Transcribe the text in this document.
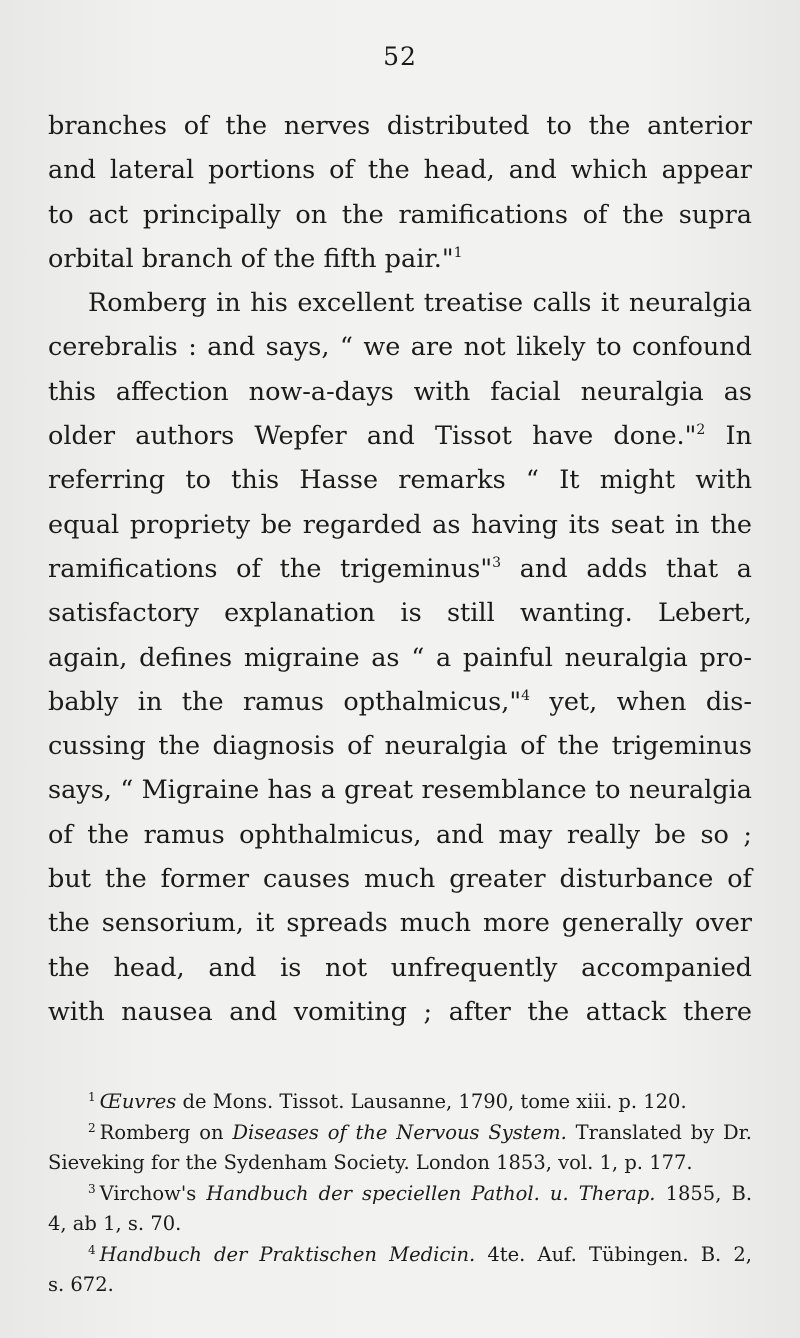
52
branches of the nerves distributed to the anterior
and lateral portions of the head, and which appear
to act principally on the ramifications of the supra
orbital branch of the fifth pair."$^1$
Romberg in his excellent treatise calls it neuralgia
cerebralis : and says, “ we are not likely to confound
this affection now-a-days with facial neuralgia as
older authors Wepfer and Tissot have done."$^2$ In
referring to this Hasse remarks “ It might with
equal propriety be regarded as having its seat in the
ramifications of the trigeminus"$^3$ and adds that a
satisfactory explanation is still wanting. Lebert,
again, defines migraine as “ a painful neuralgia pro-
bably in the ramus opthalmicus,"$^4$ yet, when dis-
cussing the diagnosis of neuralgia of the trigeminus
says, “ Migraine has a great resemblance to neuralgia
of the ramus ophthalmicus, and may really be so ;
but the former causes much greater disturbance of
the sensorium, it spreads much more generally over
the head, and is not unfrequently accompanied
with nausea and vomiting ; after the attack there
$^1$ Œuvres de Mons. Tissot. Lausanne, 1790, tome xiii. p. 120.
$^2$ Romberg on Diseases of the Nervous System. Translated by Dr.
Sieveking for the Sydenham Society. London 1853, vol. 1, p. 177.
$^3$ Virchow's Handbuch der speciellen Pathol. u. Therap. 1855, B.
4, ab 1, s. 70.
$^4$ Handbuch der Praktischen Medicin. 4te. Auf. Tübingen. B. 2,
s. 672.
